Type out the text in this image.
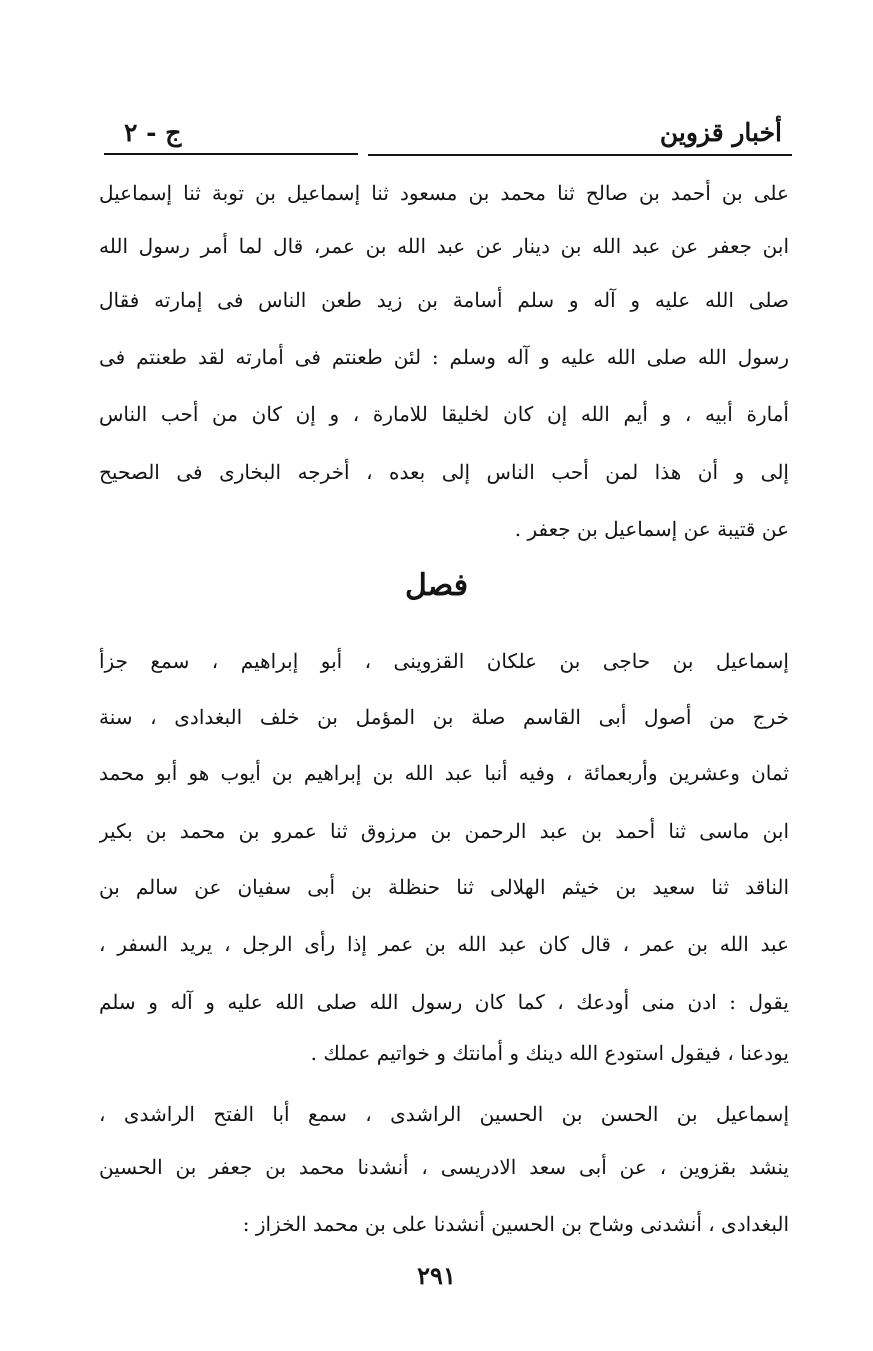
أخبار قزوين
ج - ٢
على بن أحمد بن صالح ثنا محمد بن مسعود ثنا إسماعيل بن توبة ثنا إسماعيل
ابن جعفر عن عبد الله بن دينار عن عبد الله بن عمر، قال لما أمر رسول الله
صلى الله عليه و آله و سلم أسامة بن زيد طعن الناس فى إمارته فقال
رسول الله صلى الله عليه و آله وسلم : لئن طعنتم فى أمارته لقد طعنتم فى
أمارة أبيه ، و أيم الله إن كان لخليقا للامارة ، و إن كان من أحب الناس
إلى و أن هذا لمن أحب الناس إلى بعده ، أخرجه البخارى فى الصحيح
عن قتيبة عن إسماعيل بن جعفر .
فصل
إسماعيل بن حاجى بن علكان القزوينى ، أبو إبراهيم ، سمع جزأ
خرج من أصول أبى القاسم صلة بن المؤمل بن خلف البغدادى ، سنة
ثمان وعشرين وأربعمائة ، وفيه أنبا عبد الله بن إبراهيم بن أيوب هو أبو محمد
ابن ماسى ثنا أحمد بن عبد الرحمن بن مرزوق ثنا عمرو بن محمد بن بكير
الناقد ثنا سعيد بن خيثم الهلالى ثنا حنظلة بن أبى سفيان عن سالم بن
عبد الله بن عمر ، قال كان عبد الله بن عمر إذا رأى الرجل ، يريد السفر ،
يقول : ادن منى أودعك ، كما كان رسول الله صلى الله عليه و آله و سلم
يودعنا ، فيقول استودع الله دينك و أمانتك و خواتيم عملك .
إسماعيل بن الحسن بن الحسين الراشدى ، سمع أبا الفتح الراشدى ،
ينشد بقزوين ، عن أبى سعد الادريسى ، أنشدنا محمد بن جعفر بن الحسين
البغدادى ، أنشدنى وشاح بن الحسين أنشدنا على بن محمد الخزاز :
٢٩١
